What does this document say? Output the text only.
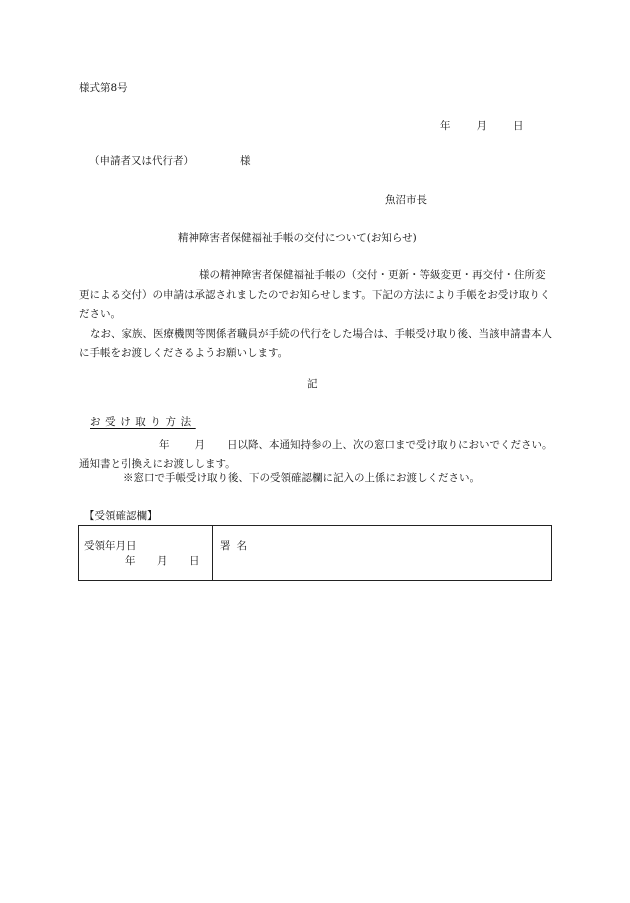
様式第8号
年 月 日
（申請者又は代行者）	様
魚沼市長
精神障害者保健福祉手帳の交付について(お知らせ)

様の精神障害者保健福祉手帳の（交付・更新・等級変更・再交付・住所変更による交付）の申請は承認されましたのでお知らせします。下記の方法により手帳をお受け取りください。

なお、家族、医療機関等関係者職員が手続の代行をした場合は、手帳受け取り後、当該申請書本人に手帳をお渡しくださるようお願いします。

記
お受け取り方法

年 月 日以降、本通知持参の上、次の窓口まで受け取りにおいでください。通知書と引換えにお渡しします。

※窓口で手帳受け取り後、下の受領確認欄に記入の上係にお渡しください。
【受領確認欄】
受領年月日
年 月 日
署名
